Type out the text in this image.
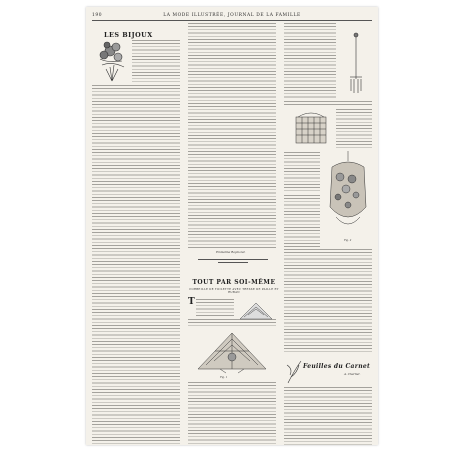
190	LA MODE ILLUSTRÉE, JOURNAL DE LA FAMILLE
LES BIJOUX
Emmeline Raymond.
TOUT PAR SOI-MÊME
CORBEILLE DE TOILETTE AVEC TRESSE DE PAILLE ET RUBAN
T
Fig. 1
Fig. 2
Feuilles du Carnet
A. Chartier.
